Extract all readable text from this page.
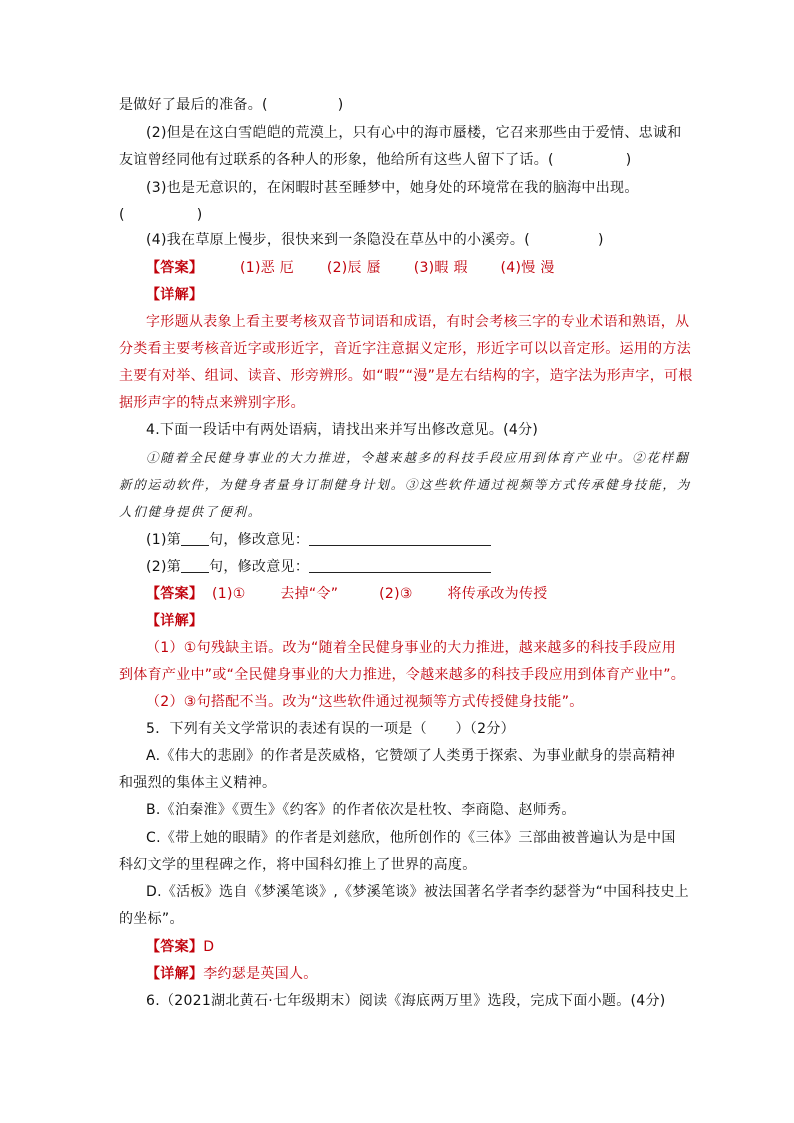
是做好了最后的准备。(	)
(2)但是在这白雪皑皑的荒漠上，只有心中的海市蜃楼，它召来那些由于爱情、忠诚和
友谊曾经同他有过联系的各种人的形象，他给所有这些人留下了话。(	)
(3)也是无意识的，在闲暇时甚至睡梦中，她身处的环境常在我的脑海中出现。
(	)
(4)我在草原上慢步，很快来到一条隐没在草丛中的小溪旁。(	)
【答案】	(1)恶 厄 (2)辰 蜃 (3)暇 瑕 (4)慢 漫
【详解】
字形题从表象上看主要考核双音节词语和成语，有时会考核三字的专业术语和熟语，从
分类看主要考核音近字或形近字，音近字注意据义定形，形近字可以以音定形。运用的方法
主要有对举、组词、读音、形旁辨形。如“暇”“漫”是左右结构的字，造字法为形声字，可根
据形声字的特点来辨别字形。
4.下面一段话中有两处语病，请找出来并写出修改意见。(4分)
①随着全民健身事业的大力推进，令越来越多的科技手段应用到体育产业中。②花样翻
新的运动软件，为健身者量身订制健身计划。③这些软件通过视频等方式传承健身技能，为
人们健身提供了便利。
(1)第 句，修改意见：
(2)第 句，修改意见：
【答案】 (1)① 去掉“令”	(2)③ 将传承改为传授
【详解】
（1）①句残缺主语。改为“随着全民健身事业的大力推进，越来越多的科技手段应用
到体育产业中”或“全民健身事业的大力推进，令越来越多的科技手段应用到体育产业中”。
（2）③句搭配不当。改为“这些软件通过视频等方式传授健身技能”。
5．下列有关文学常识的表述有误的一项是（　　）（2分）
A.《伟大的悲剧》的作者是茨威格，它赞颂了人类勇于探索、为事业献身的崇高精神
和强烈的集体主义精神。
B.《泊秦淮》《贾生》《约客》的作者依次是杜牧、李商隐、赵师秀。
C.《带上她的眼睛》的作者是刘慈欣，他所创作的《三体》三部曲被普遍认为是中国
科幻文学的里程碑之作，将中国科幻推上了世界的高度。
D.《活板》选自《梦溪笔谈》,《梦溪笔谈》被法国著名学者李约瑟誉为“中国科技史上
的坐标”。
【答案】D
【详解】李约瑟是英国人。
6.（2021湖北黄石·七年级期末）阅读《海底两万里》选段，完成下面小题。(4分)
